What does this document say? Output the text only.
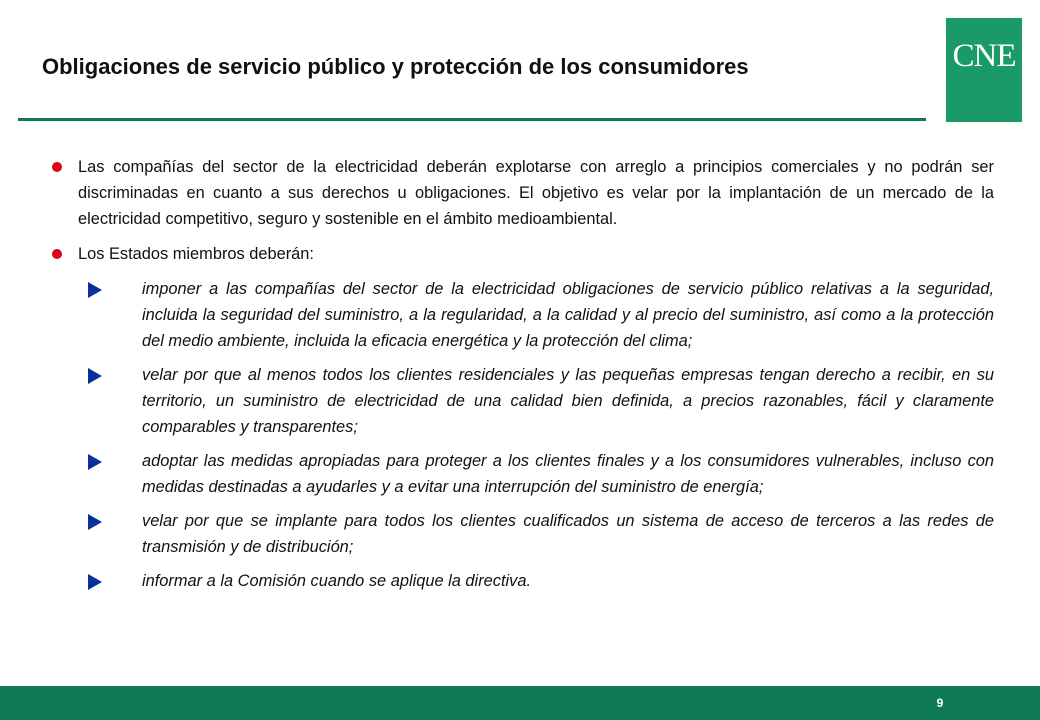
Obligaciones de servicio público y protección de los consumidores	CNE
Las compañías del sector de la electricidad deberán explotarse con arreglo a principios comerciales y no podrán ser discriminadas en cuanto a sus derechos u obligaciones. El objetivo es velar por la implantación de un mercado de la electricidad competitivo, seguro y sostenible en el ámbito medioambiental.
Los Estados miembros deberán:
imponer a las compañías del sector de la electricidad obligaciones de servicio público relativas a la seguridad, incluida la seguridad del suministro, a la regularidad, a la calidad y al precio del suministro, así como a la protección del medio ambiente, incluida la eficacia energética y la protección del clima;
velar por que al menos todos los clientes residenciales y las pequeñas empresas tengan derecho a recibir, en su territorio, un suministro de electricidad de una calidad bien definida, a precios razonables, fácil y claramente comparables y transparentes;
adoptar las medidas apropiadas para proteger a los clientes finales y a los consumidores vulnerables, incluso con medidas destinadas a ayudarles y a evitar una interrupción del suministro de energía;
velar por que se implante para todos los clientes cualificados un sistema de acceso de terceros a las redes de transmisión y de distribución;
informar a la Comisión cuando se aplique la directiva.
9
